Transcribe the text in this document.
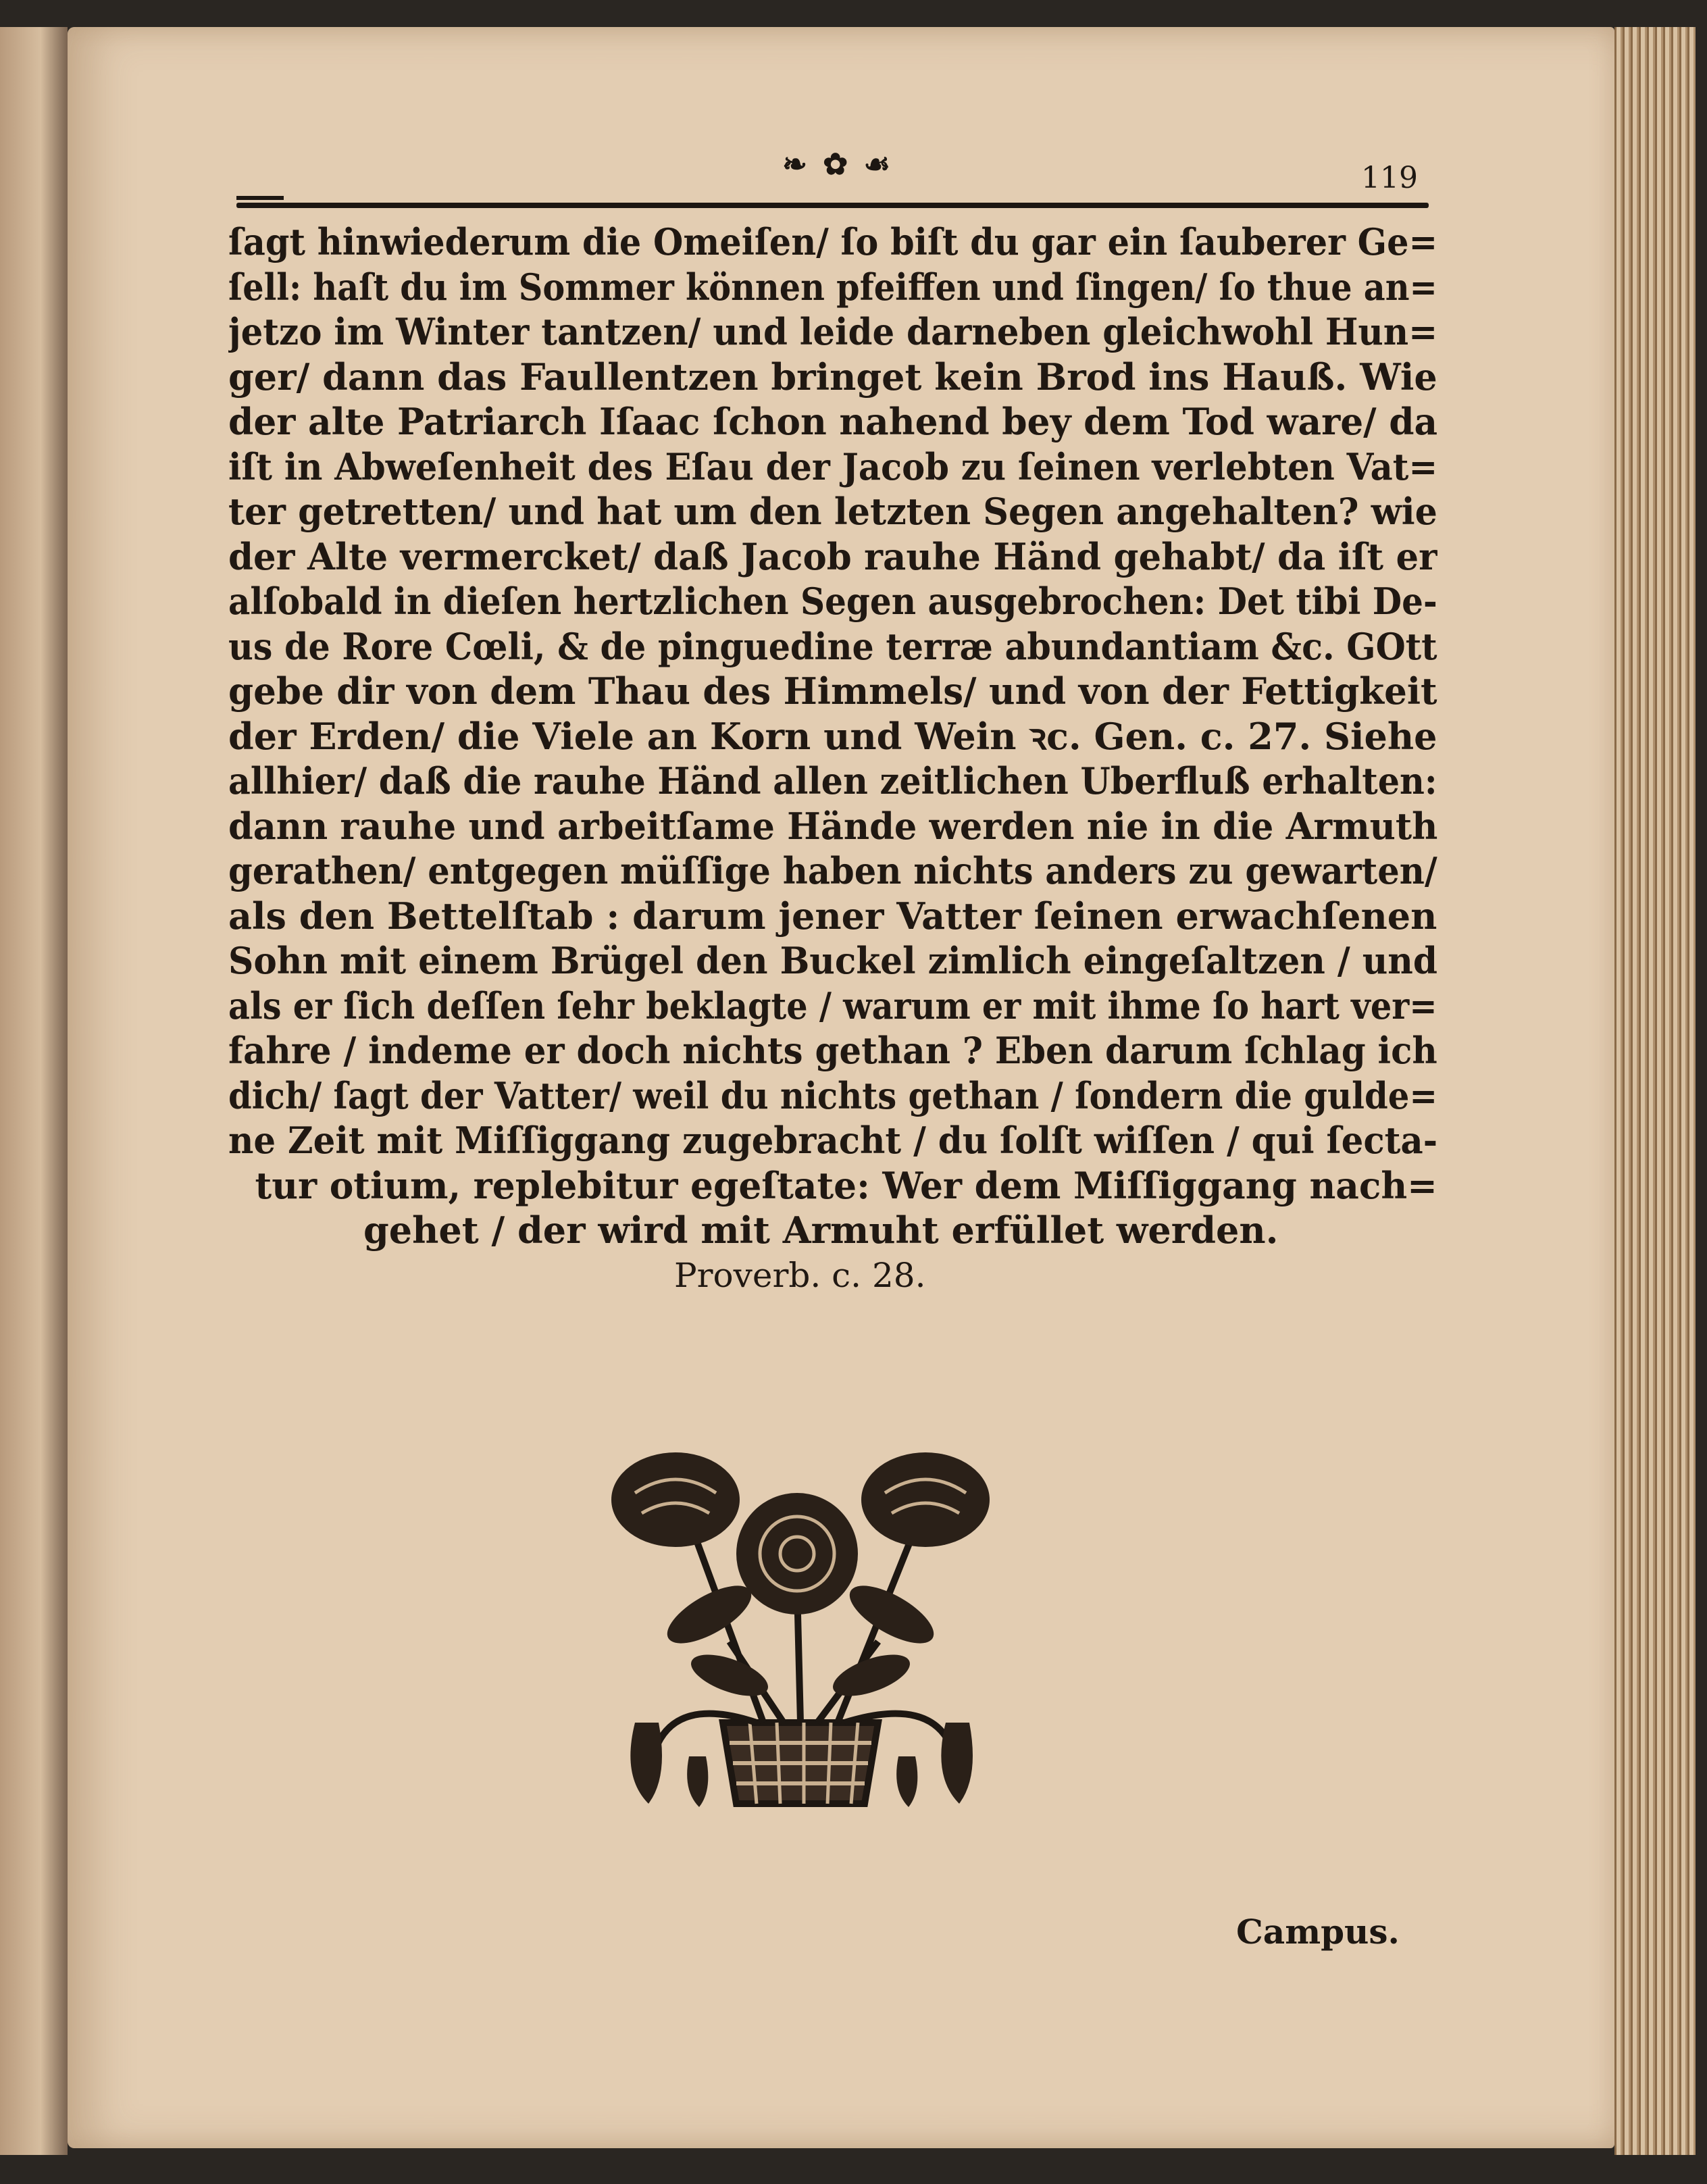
❧ ✿ ☙	119
ſagt hinwiederum die Omeiſen/ ſo biſt du gar ein ſauberer Ge=
ſell: haſt du im Sommer können pfeiffen und ſingen/ ſo thue an=
jetzo im Winter tantzen/ und leide darneben gleichwohl Hun=
ger/ dann das Faullentzen bringet kein Brod ins Hauß. Wie
der alte Patriarch Iſaac ſchon nahend bey dem Tod ware/ da
iſt in Abweſenheit des Eſau der Jacob zu ſeinen verlebten Vat=
ter getretten/ und hat um den letzten Segen angehalten? wie
der Alte vermercket/ daß Jacob rauhe Händ gehabt/ da iſt er
alſobald in dieſen hertzlichen Segen ausgebrochen: Det tibi De-
us de Rore Cœli, & de pinguedine terræ abundantiam &c. GOtt
gebe dir von dem Thau des Himmels/ und von der Fettigkeit
der Erden/ die Viele an Korn und Wein ꝛc. Gen. c. 27. Siehe
allhier/ daß die rauhe Händ allen zeitlichen Uberfluß erhalten:
dann rauhe und arbeitſame Hände werden nie in die Armuth
gerathen/ entgegen müſſige haben nichts anders zu gewarten/
als den Bettelſtab : darum jener Vatter ſeinen erwachſenen
Sohn mit einem Brügel den Buckel zimlich eingeſaltzen / und
als er ſich deſſen ſehr beklagte / warum er mit ihme ſo hart ver=
fahre / indeme er doch nichts gethan ? Eben darum ſchlag ich
dich/ ſagt der Vatter/ weil du nichts gethan / ſondern die gulde=
ne Zeit mit Miſſiggang zugebracht / du ſolſt wiſſen / qui ſecta-
tur otium, replebitur egeſtate: Wer dem Miſſiggang nach=
gehet / der wird mit Armuht erfüllet werden.
Proverb. c. 28.
Campus.
